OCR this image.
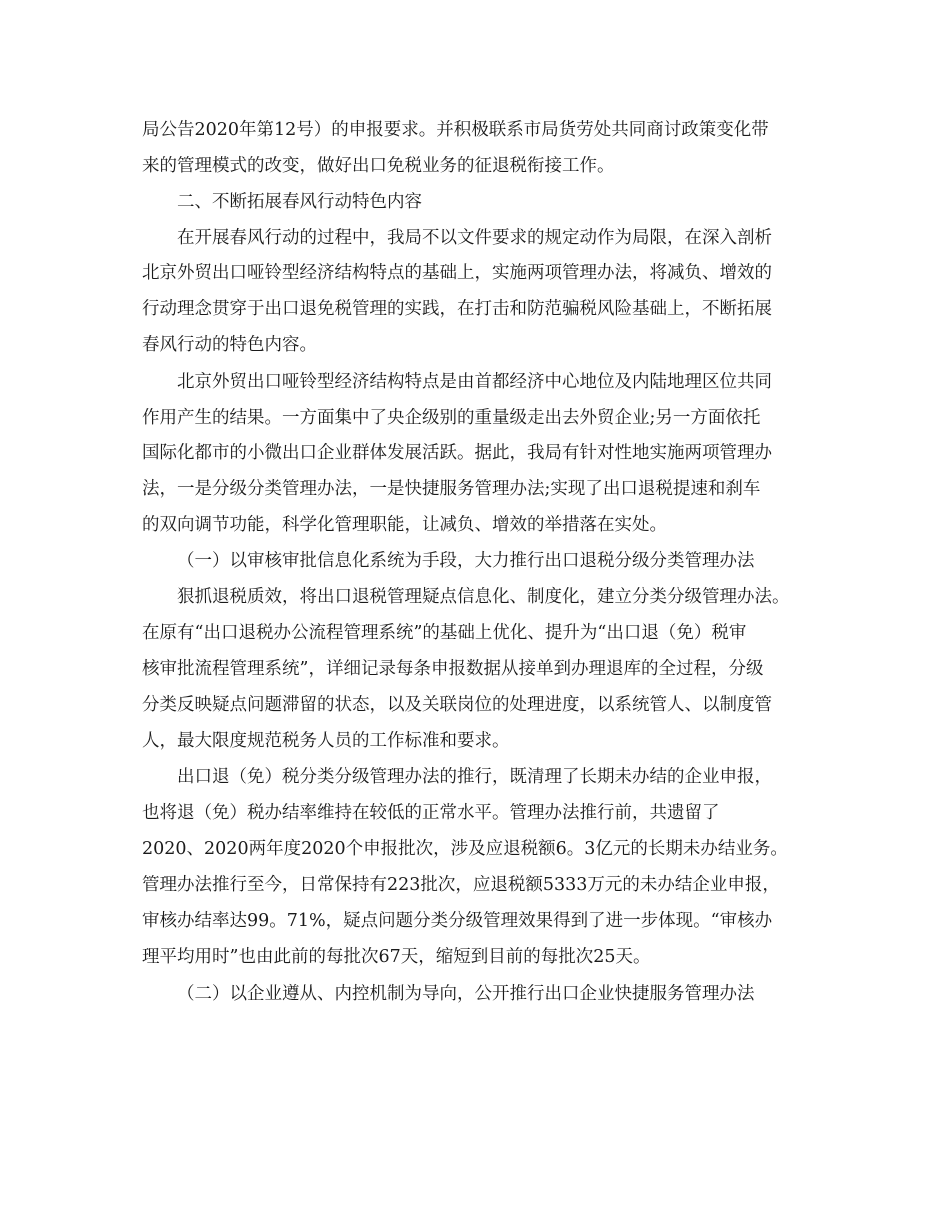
局公告2020年第12号）的申报要求。并积极联系市局货劳处共同商讨政策变化带
来的管理模式的改变，做好出口免税业务的征退税衔接工作。
二、不断拓展春风行动特色内容
在开展春风行动的过程中，我局不以文件要求的规定动作为局限，在深入剖析
北京外贸出口哑铃型经济结构特点的基础上，实施两项管理办法，将减负、增效的
行动理念贯穿于出口退免税管理的实践，在打击和防范骗税风险基础上，不断拓展
春风行动的特色内容。
北京外贸出口哑铃型经济结构特点是由首都经济中心地位及内陆地理区位共同
作用产生的结果。一方面集中了央企级别的重量级走出去外贸企业;另一方面依托
国际化都市的小微出口企业群体发展活跃。据此，我局有针对性地实施两项管理办
法，一是分级分类管理办法，一是快捷服务管理办法;实现了出口退税提速和刹车
的双向调节功能，科学化管理职能，让减负、增效的举措落在实处。
（一）以审核审批信息化系统为手段，大力推行出口退税分级分类管理办法
狠抓退税质效，将出口退税管理疑点信息化、制度化，建立分类分级管理办法。
在原有“出口退税办公流程管理系统”的基础上优化、提升为“出口退（免）税审
核审批流程管理系统”，详细记录每条申报数据从接单到办理退库的全过程，分级
分类反映疑点问题滞留的状态，以及关联岗位的处理进度，以系统管人、以制度管
人，最大限度规范税务人员的工作标准和要求。
出口退（免）税分类分级管理办法的推行，既清理了长期未办结的企业申报，
也将退（免）税办结率维持在较低的正常水平。管理办法推行前，共遗留了
2020、2020两年度2020个申报批次，涉及应退税额6。3亿元的长期未办结业务。
管理办法推行至今，日常保持有223批次，应退税额5333万元的未办结企业申报，
审核办结率达99。71%，疑点问题分类分级管理效果得到了进一步体现。“审核办
理平均用时”也由此前的每批次67天，缩短到目前的每批次25天。
（二）以企业遵从、内控机制为导向，公开推行出口企业快捷服务管理办法
